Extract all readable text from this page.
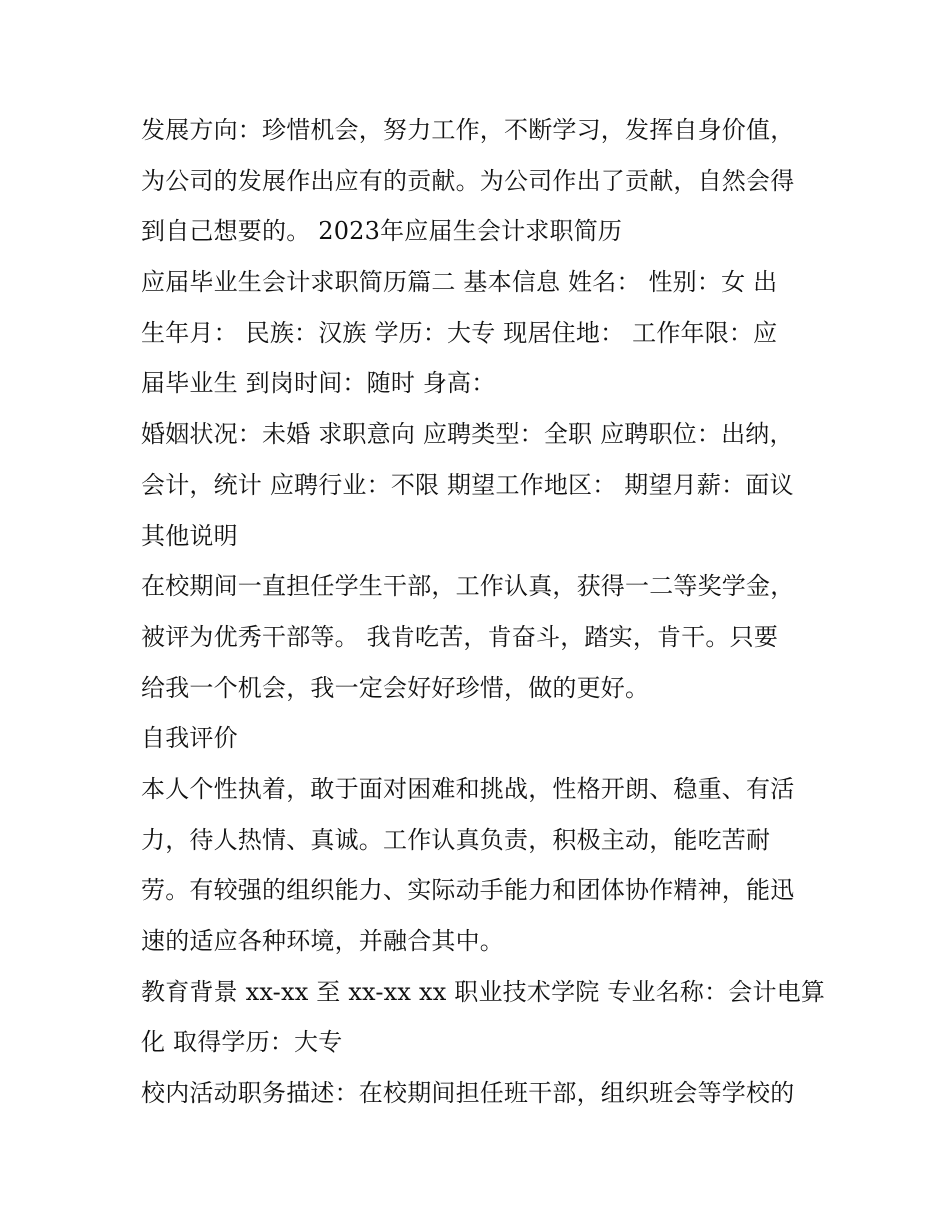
发展方向：珍惜机会，努力工作，不断学习，发挥自身价值，
为公司的发展作出应有的贡献。为公司作出了贡献，自然会得
到自己想要的。 2023年应届生会计求职简历
应届毕业生会计求职简历篇二 基本信息 姓名： 性别：女 出
生年月： 民族：汉族 学历：大专 现居住地： 工作年限：应
届毕业生 到岗时间：随时 身高：
婚姻状况：未婚 求职意向 应聘类型：全职 应聘职位：出纳，
会计，统计 应聘行业：不限 期望工作地区： 期望月薪：面议
其他说明
在校期间一直担任学生干部，工作认真，获得一二等奖学金，
被评为优秀干部等。 我肯吃苦，肯奋斗，踏实，肯干。只要
给我一个机会，我一定会好好珍惜，做的更好。
自我评价
本人个性执着，敢于面对困难和挑战，性格开朗、稳重、有活
力，待人热情、真诚。工作认真负责，积极主动，能吃苦耐
劳。有较强的组织能力、实际动手能力和团体协作精神，能迅
速的适应各种环境，并融合其中。
教育背景 xx-xx 至 xx-xx xx 职业技术学院 专业名称：会计电算
化 取得学历：大专
校内活动职务描述：在校期间担任班干部，组织班会等学校的
